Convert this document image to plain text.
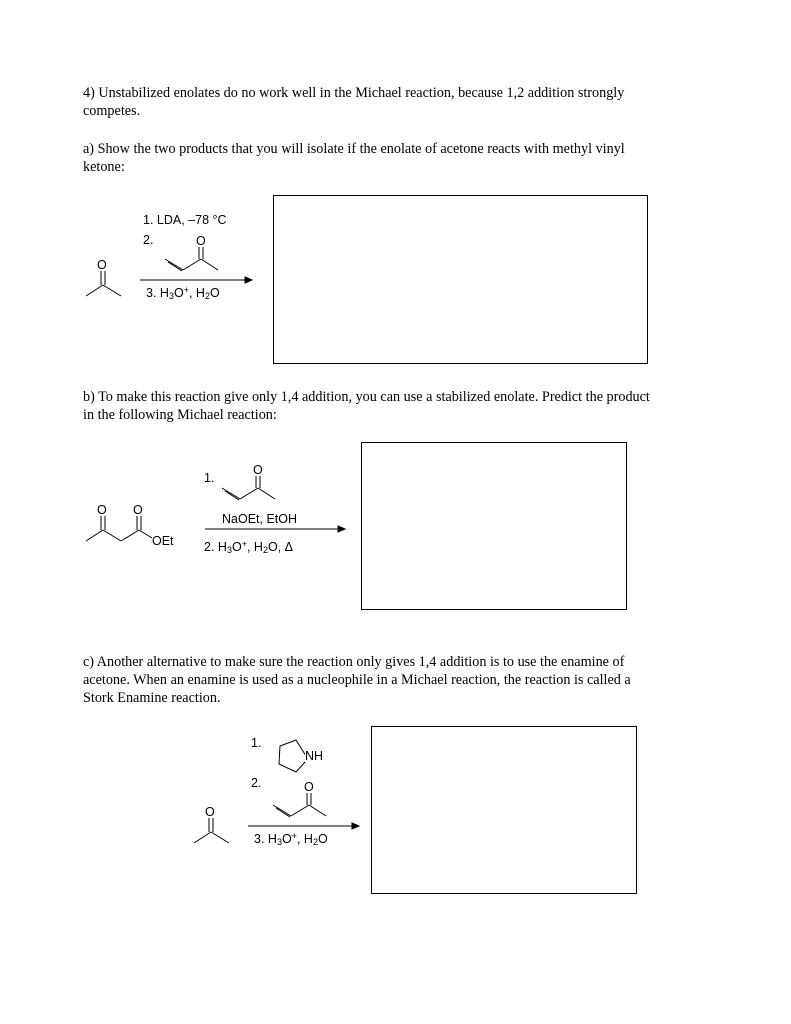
4) Unstabilized enolates do no work well in the Michael reaction, because 1,2 addition strongly
competes.

a) Show the two products that you will isolate if the enolate of acetone reacts with methyl vinyl
ketone:

O
O
1. LDA, –78 °C
2.
3. $H_3O^+$, $H_2O$

b) To make this reaction give only 1,4 addition, you can use a stabilized enolate. Predict the product
in the following Michael reaction:

O O
OEt
O
1.
NaOEt, EtOH
2. $H_3O^+$, $H_2O$, Δ

c) Another alternative to make sure the reaction only gives 1,4 addition is to use the enamine of
acetone. When an enamine is used as a nucleophile in a Michael reaction, the reaction is called a
Stork Enamine reaction.

NH
O
O
1.
2.
3. $H_3O^+$, $H_2O$
